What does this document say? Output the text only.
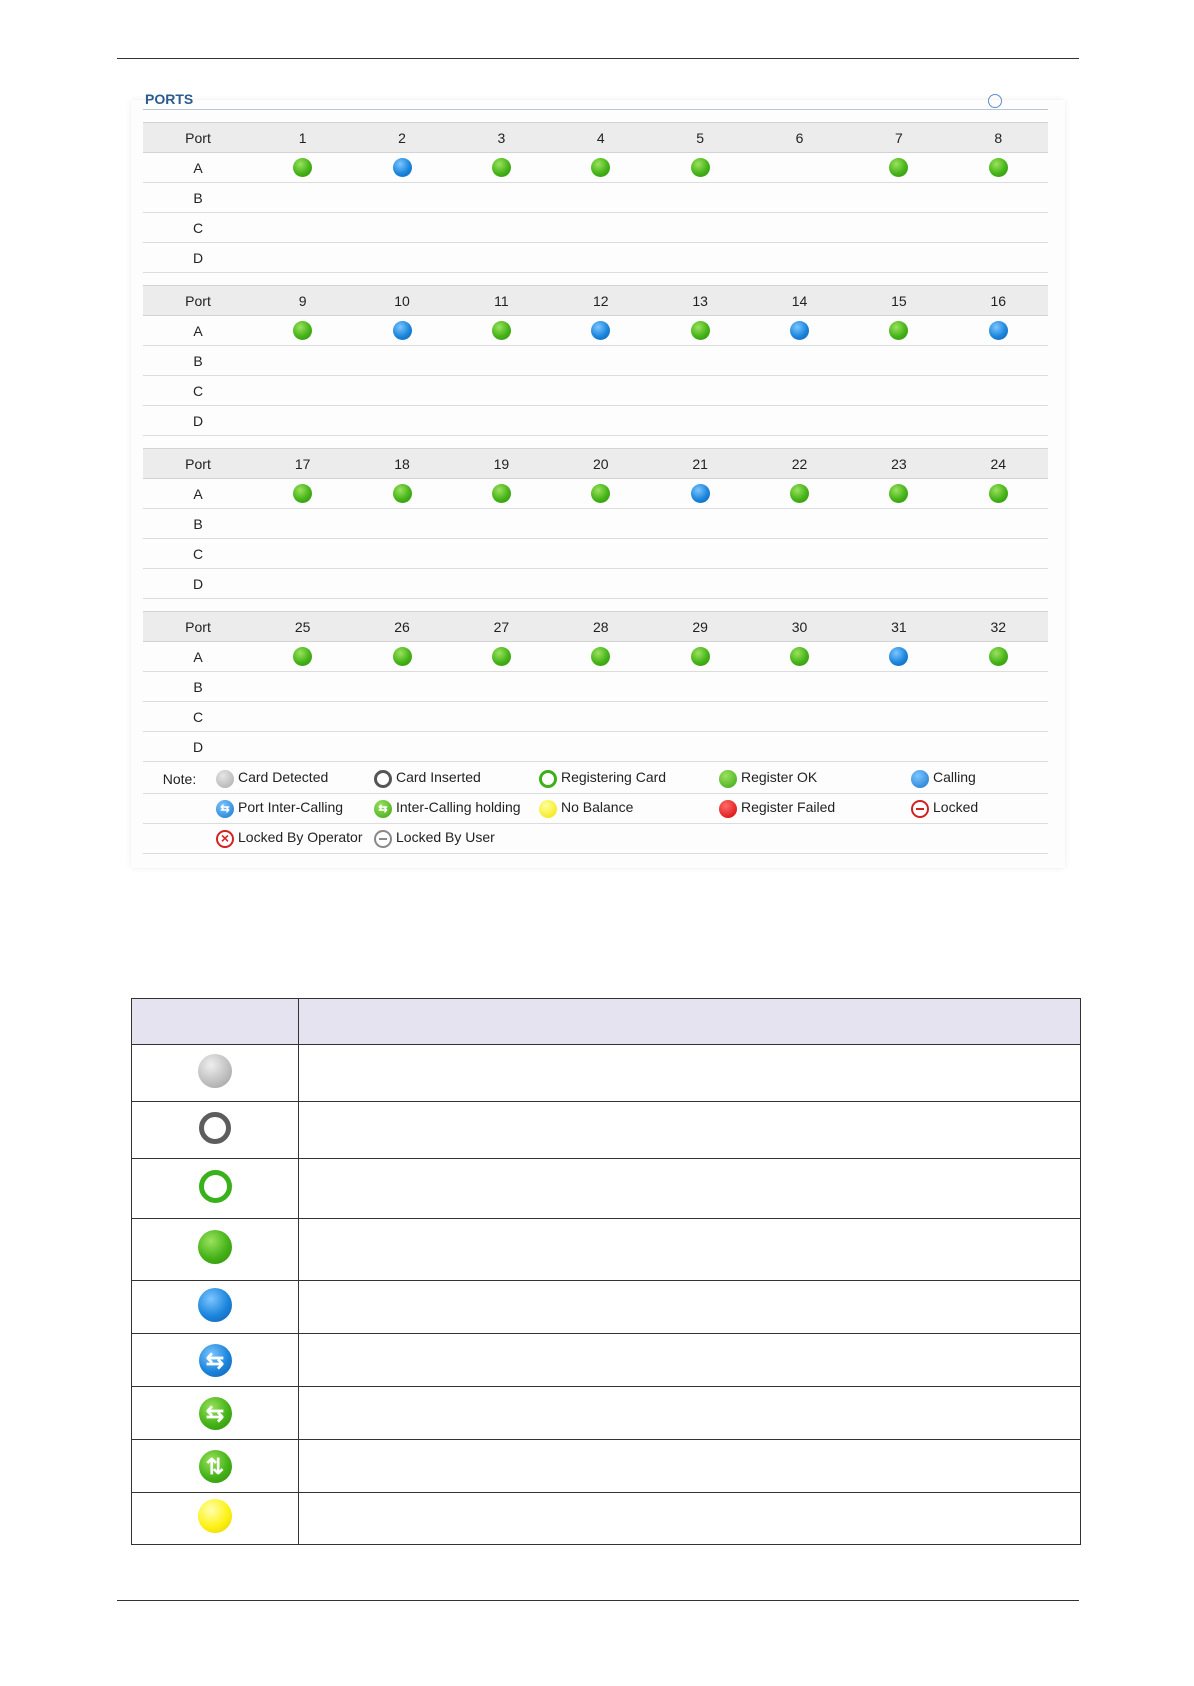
PORTS
Port	1	2	3	4	5	6	7	8
A								
B								
C								
D								

Port	9	10	11	12	13	14	15	16
A								
B								
C								
D								

Port	17	18	19	20	21	22	23	24
A								
B								
C								
D								

Port	25	26	27	28	29	30	31	32
A								
B								
C								
D								
Note:	Card Detected	Card Inserted	Registering Card	Register OK	Calling
	⇆ Port Inter-Calling	⇆ Inter-Calling holding	No Balance	Register Failed	Locked
	× Locked By Operator	Locked By User			

⇆	
⇆	
⇅	
